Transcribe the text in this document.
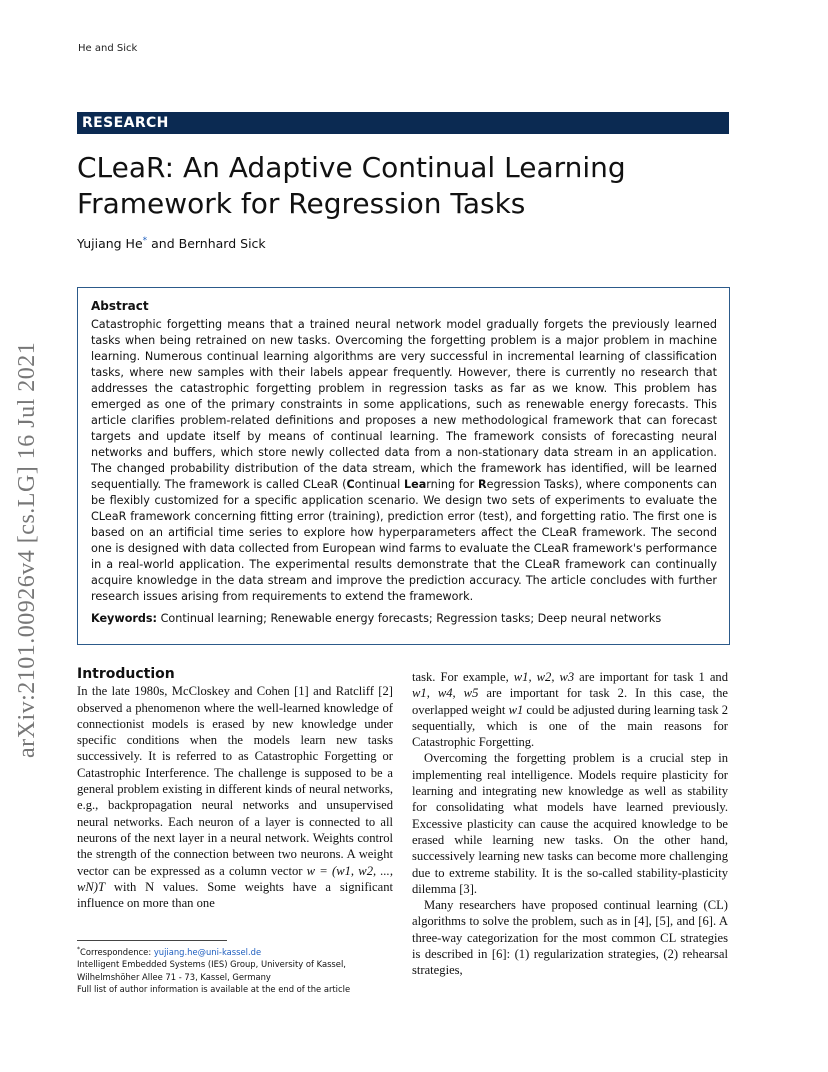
He and Sick
arXiv:2101.00926v4 [cs.LG] 16 Jul 2021
RESEARCH
CLeaR: An Adaptive Continual Learning Framework for Regression Tasks
Yujiang He* and Bernhard Sick
Abstract
Catastrophic forgetting means that a trained neural network model gradually forgets the previously learned tasks when being retrained on new tasks. Overcoming the forgetting problem is a major problem in machine learning. Numerous continual learning algorithms are very successful in incremental learning of classification tasks, where new samples with their labels appear frequently. However, there is currently no research that addresses the catastrophic forgetting problem in regression tasks as far as we know. This problem has emerged as one of the primary constraints in some applications, such as renewable energy forecasts. This article clarifies problem-related definitions and proposes a new methodological framework that can forecast targets and update itself by means of continual learning. The framework consists of forecasting neural networks and buffers, which store newly collected data from a non-stationary data stream in an application. The changed probability distribution of the data stream, which the framework has identified, will be learned sequentially. The framework is called CLeaR (Continual Learning for Regression Tasks), where components can be flexibly customized for a specific application scenario. We design two sets of experiments to evaluate the CLeaR framework concerning fitting error (training), prediction error (test), and forgetting ratio. The first one is based on an artificial time series to explore how hyperparameters affect the CLeaR framework. The second one is designed with data collected from European wind farms to evaluate the CLeaR framework's performance in a real-world application. The experimental results demonstrate that the CLeaR framework can continually acquire knowledge in the data stream and improve the prediction accuracy. The article concludes with further research issues arising from requirements to extend the framework.
Keywords: Continual learning; Renewable energy forecasts; Regression tasks; Deep neural networks
Introduction

In the late 1980s, McCloskey and Cohen [1] and Ratcliff [2] observed a phenomenon where the well-learned knowledge of connectionist models is erased by new knowledge under specific conditions when the models learn new tasks successively. It is referred to as Catastrophic Forgetting or Catastrophic Interference. The challenge is supposed to be a general problem existing in different kinds of neural networks, e.g., backpropagation neural networks and unsupervised neural networks. Each neuron of a layer is connected to all neurons of the next layer in a neural network. Weights control the strength of the connection between two neurons. A weight vector can be expressed as a column vector w = (w1, w2, ..., wN)T with N values. Some weights have a significant influence on more than one

task. For example, w1, w2, w3 are important for task 1 and w1, w4, w5 are important for task 2. In this case, the overlapped weight w1 could be adjusted during learning task 2 sequentially, which is one of the main reasons for Catastrophic Forgetting.

Overcoming the forgetting problem is a crucial step in implementing real intelligence. Models require plasticity for learning and integrating new knowledge as well as stability for consolidating what models have learned previously. Excessive plasticity can cause the acquired knowledge to be erased while learning new tasks. On the other hand, successively learning new tasks can become more challenging due to extreme stability. It is the so-called stability-plasticity dilemma [3].

Many researchers have proposed continual learning (CL) algorithms to solve the problem, such as in [4], [5], and [6]. A three-way categorization for the most common CL strategies is described in [6]: (1) regularization strategies, (2) rehearsal strategies,

*Correspondence: yujiang.he@uni-kassel.de
Intelligent Embedded Systems (IES) Group, University of Kassel,
Wilhelmshöher Allee 71 - 73, Kassel, Germany
Full list of author information is available at the end of the article
